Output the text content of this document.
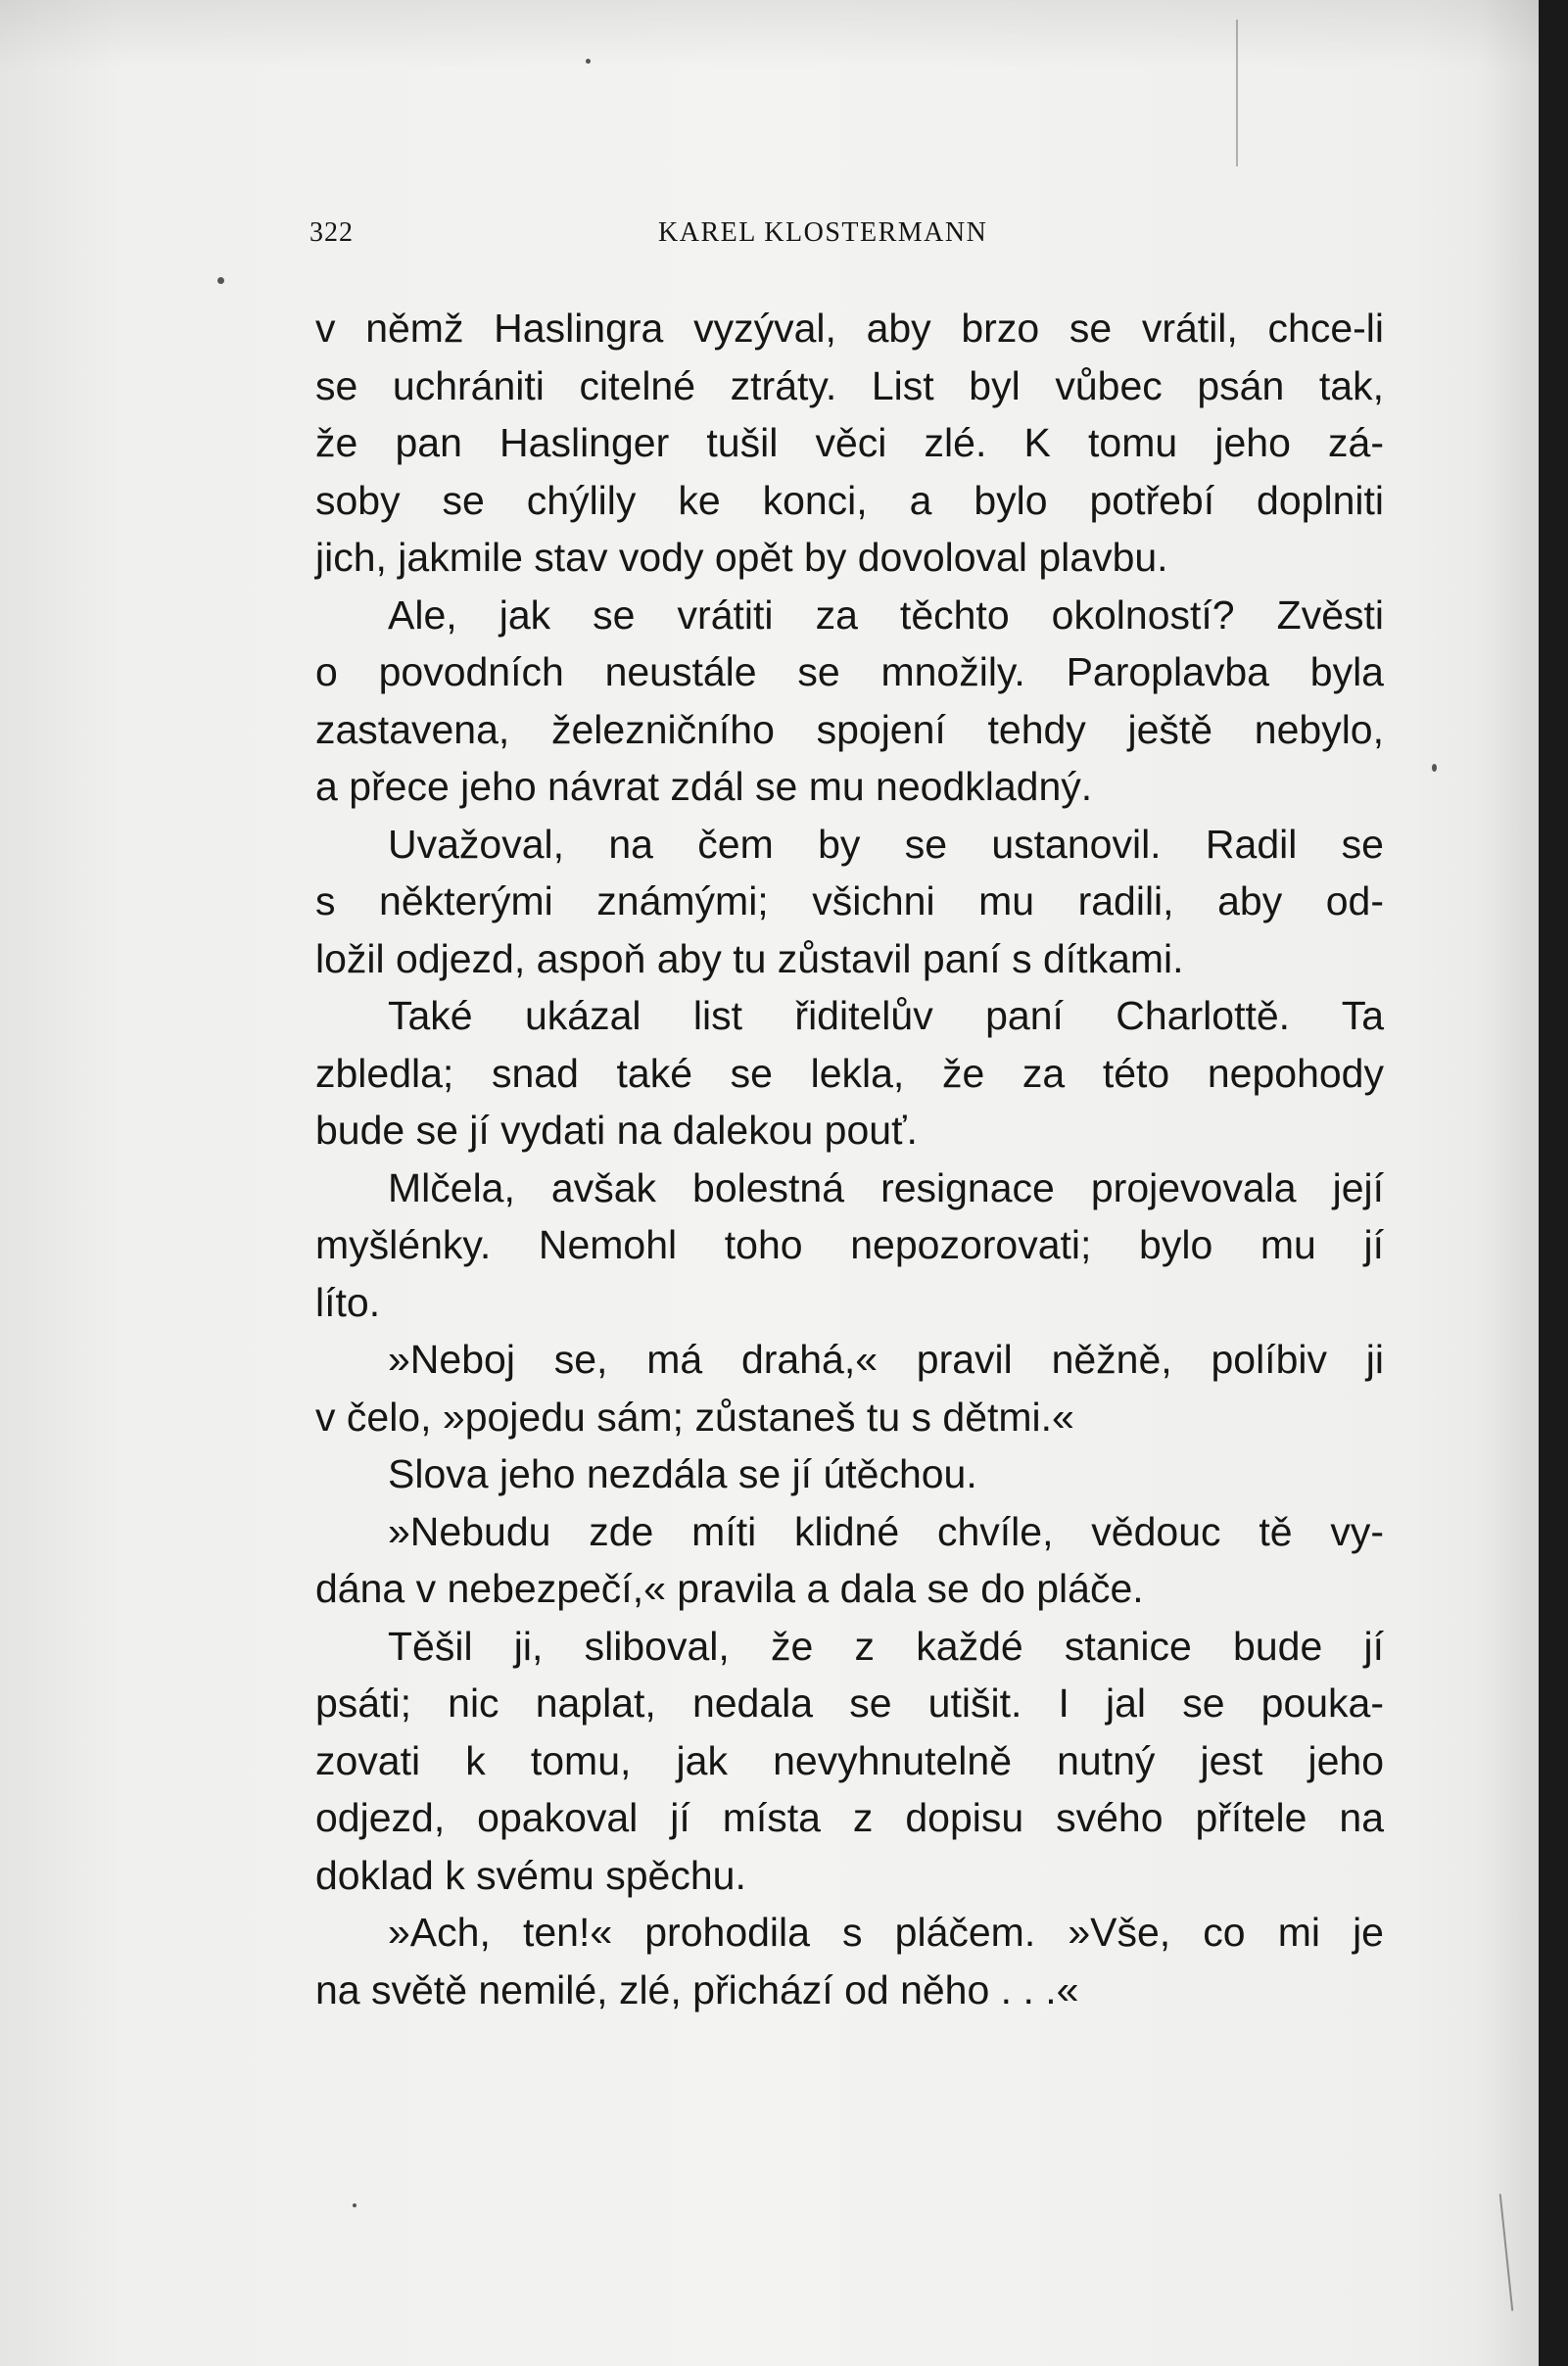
322	KAREL KLOSTERMANN
v němž Haslingra vyzýval, aby brzo se vrátil, chce-li
se uchrániti citelné ztráty. List byl vůbec psán tak,
že pan Haslinger tušil věci zlé. K tomu jeho zá-
soby se chýlily ke konci, a bylo potřebí doplniti
jich, jakmile stav vody opět by dovoloval plavbu.
Ale, jak se vrátiti za těchto okolností? Zvěsti
o povodních neustále se množily. Paroplavba byla
zastavena, železničního spojení tehdy ještě nebylo,
a přece jeho návrat zdál se mu neodkladný.
Uvažoval, na čem by se ustanovil. Radil se
s některými známými; všichni mu radili, aby od-
ložil odjezd, aspoň aby tu zůstavil paní s dítkami.
Také ukázal list řiditelův paní Charlottě. Ta
zbledla; snad také se lekla, že za této nepohody
bude se jí vydati na dalekou pouť.
Mlčela, avšak bolestná resignace projevovala její
myšlénky. Nemohl toho nepozorovati; bylo mu jí
líto.
»Neboj se, má drahá,« pravil něžně, políbiv ji
v čelo, »pojedu sám; zůstaneš tu s dětmi.«
Slova jeho nezdála se jí útěchou.
»Nebudu zde míti klidné chvíle, vědouc tě vy-
dána v nebezpečí,« pravila a dala se do pláče.
Těšil ji, sliboval, že z každé stanice bude jí
psáti; nic naplat, nedala se utišit. I jal se pouka-
zovati k tomu, jak nevyhnutelně nutný jest jeho
odjezd, opakoval jí místa z dopisu svého přítele na
doklad k svému spěchu.
»Ach, ten!« prohodila s pláčem. »Vše, co mi je
na světě nemilé, zlé, přichází od něho . . .«
